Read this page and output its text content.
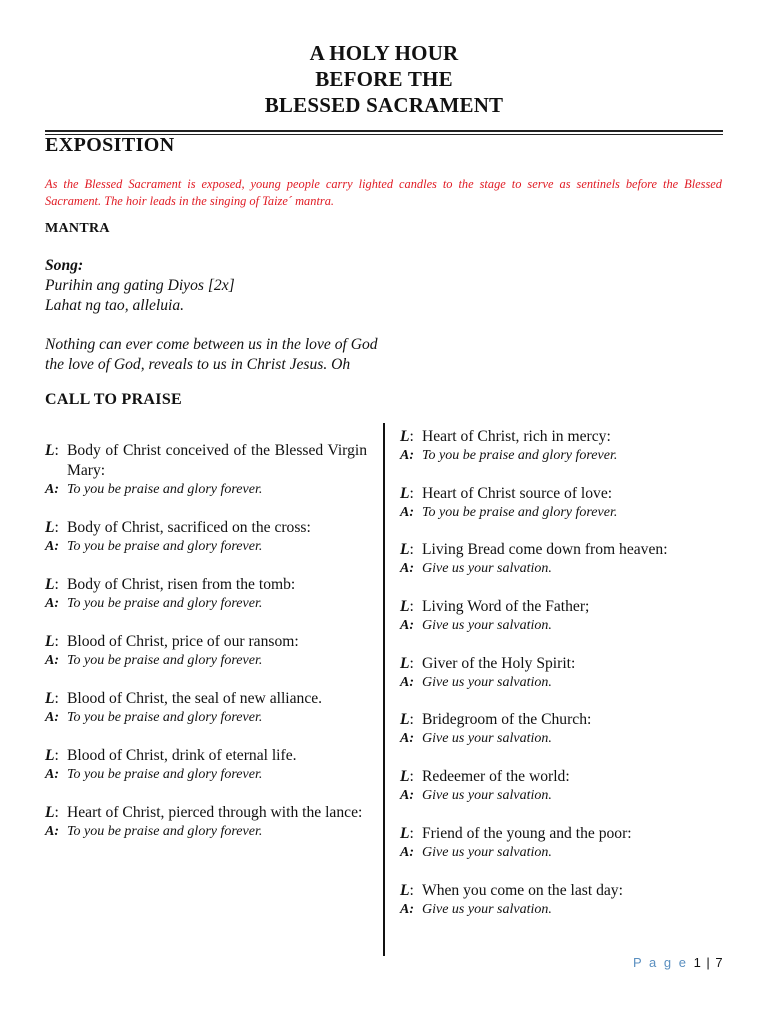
A HOLY HOUR
BEFORE THE
BLESSED SACRAMENT
EXPOSITION
As the Blessed Sacrament is exposed, young people carry lighted candles to the stage to serve as sentinels before the Blessed Sacrament. The hoir leads in the singing of Taize´ mantra.
MANTRA
Song:
Purihin ang gating Diyos [2x]
Lahat ng tao, alleluia.
Nothing can ever come between us in the love of God
the love of God, reveals to us in Christ Jesus. Oh
CALL TO PRAISE
L: Body of Christ conceived of the Blessed Virgin Mary:
A: To you be praise and glory forever.
L: Body of Christ, sacrificed on the cross:
A: To you be praise and glory forever.
L: Body of Christ, risen from the tomb:
A: To you be praise and glory forever.
L: Blood of Christ, price of our ransom:
A: To you be praise and glory forever.
L: Blood of Christ, the seal of new alliance.
A: To you be praise and glory forever.
L: Blood of Christ, drink of eternal life.
A: To you be praise and glory forever.
L: Heart of Christ, pierced through with the lance:
A: To you be praise and glory forever.
L: Heart of Christ, rich in mercy:
A: To you be praise and glory forever.
L: Heart of Christ source of love:
A: To you be praise and glory forever.
L: Living Bread come down from heaven:
A: Give us your salvation.
L: Living Word of the Father;
A: Give us your salvation.
L: Giver of the Holy Spirit:
A: Give us your salvation.
L: Bridegroom of the Church:
A: Give us your salvation.
L: Redeemer of the world:
A: Give us your salvation.
L: Friend of the young and the poor:
A: Give us your salvation.
L: When you come on the last day:
A: Give us your salvation.
P a g e 1 | 7
